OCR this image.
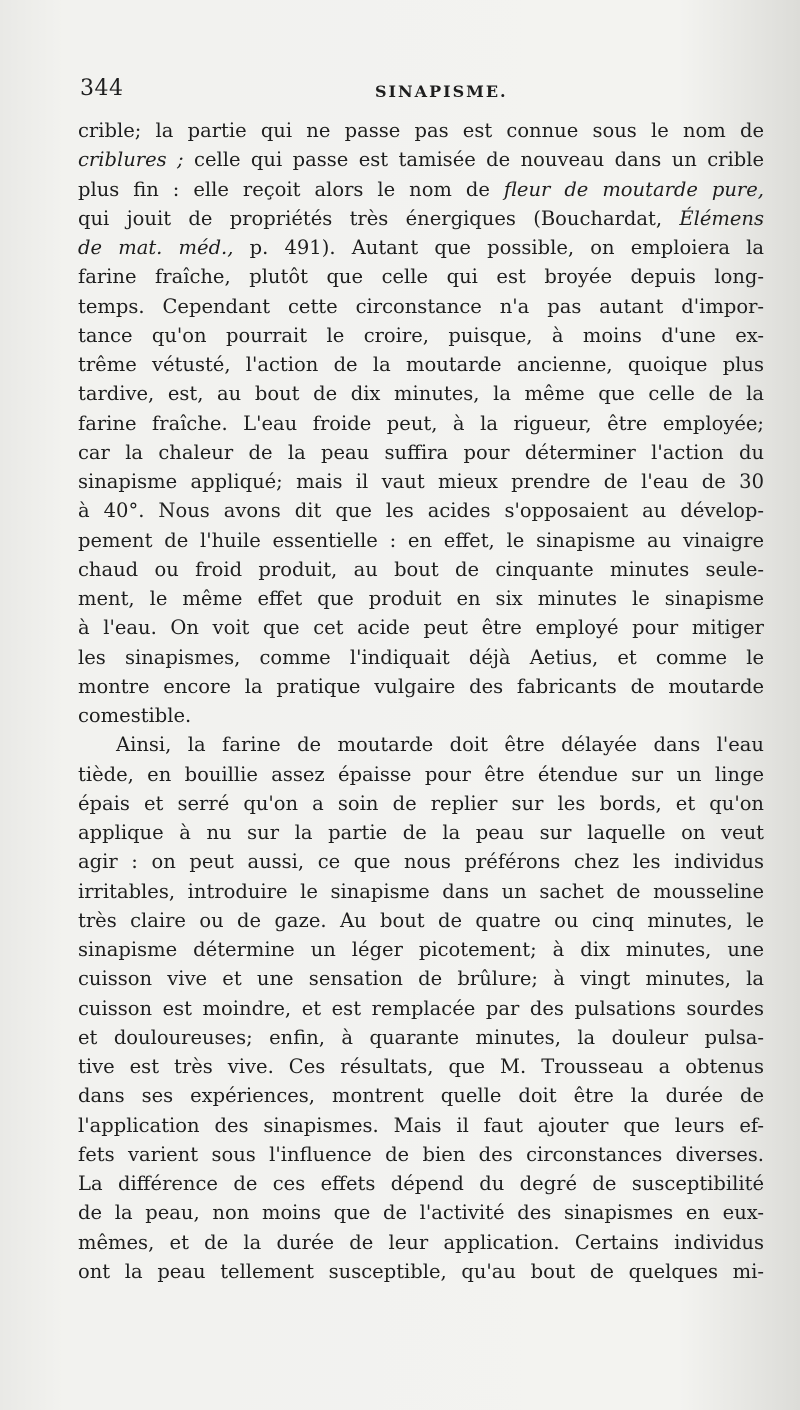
344	SINAPISME.
crible; la partie qui ne passe pas est connue sous le nom de
criblures ; celle qui passe est tamisée de nouveau dans un crible
plus fin : elle reçoit alors le nom de fleur de moutarde pure,
qui jouit de propriétés très énergiques (Bouchardat, Élémens
de mat. méd., p. 491). Autant que possible, on emploiera la
farine fraîche, plutôt que celle qui est broyée depuis long-
temps. Cependant cette circonstance n'a pas autant d'impor-
tance qu'on pourrait le croire, puisque, à moins d'une ex-
trême vétusté, l'action de la moutarde ancienne, quoique plus
tardive, est, au bout de dix minutes, la même que celle de la
farine fraîche. L'eau froide peut, à la rigueur, être employée;
car la chaleur de la peau suffira pour déterminer l'action du
sinapisme appliqué; mais il vaut mieux prendre de l'eau de 30
à 40°. Nous avons dit que les acides s'opposaient au dévelop-
pement de l'huile essentielle : en effet, le sinapisme au vinaigre
chaud ou froid produit, au bout de cinquante minutes seule-
ment, le même effet que produit en six minutes le sinapisme
à l'eau. On voit que cet acide peut être employé pour mitiger
les sinapismes, comme l'indiquait déjà Aetius, et comme le
montre encore la pratique vulgaire des fabricants de moutarde
comestible.
Ainsi, la farine de moutarde doit être délayée dans l'eau
tiède, en bouillie assez épaisse pour être étendue sur un linge
épais et serré qu'on a soin de replier sur les bords, et qu'on
applique à nu sur la partie de la peau sur laquelle on veut
agir : on peut aussi, ce que nous préférons chez les individus
irritables, introduire le sinapisme dans un sachet de mousseline
très claire ou de gaze. Au bout de quatre ou cinq minutes, le
sinapisme détermine un léger picotement; à dix minutes, une
cuisson vive et une sensation de brûlure; à vingt minutes, la
cuisson est moindre, et est remplacée par des pulsations sourdes
et douloureuses; enfin, à quarante minutes, la douleur pulsa-
tive est très vive. Ces résultats, que M. Trousseau a obtenus
dans ses expériences, montrent quelle doit être la durée de
l'application des sinapismes. Mais il faut ajouter que leurs ef-
fets varient sous l'influence de bien des circonstances diverses.
La différence de ces effets dépend du degré de susceptibilité
de la peau, non moins que de l'activité des sinapismes en eux-
mêmes, et de la durée de leur application. Certains individus
ont la peau tellement susceptible, qu'au bout de quelques mi-
